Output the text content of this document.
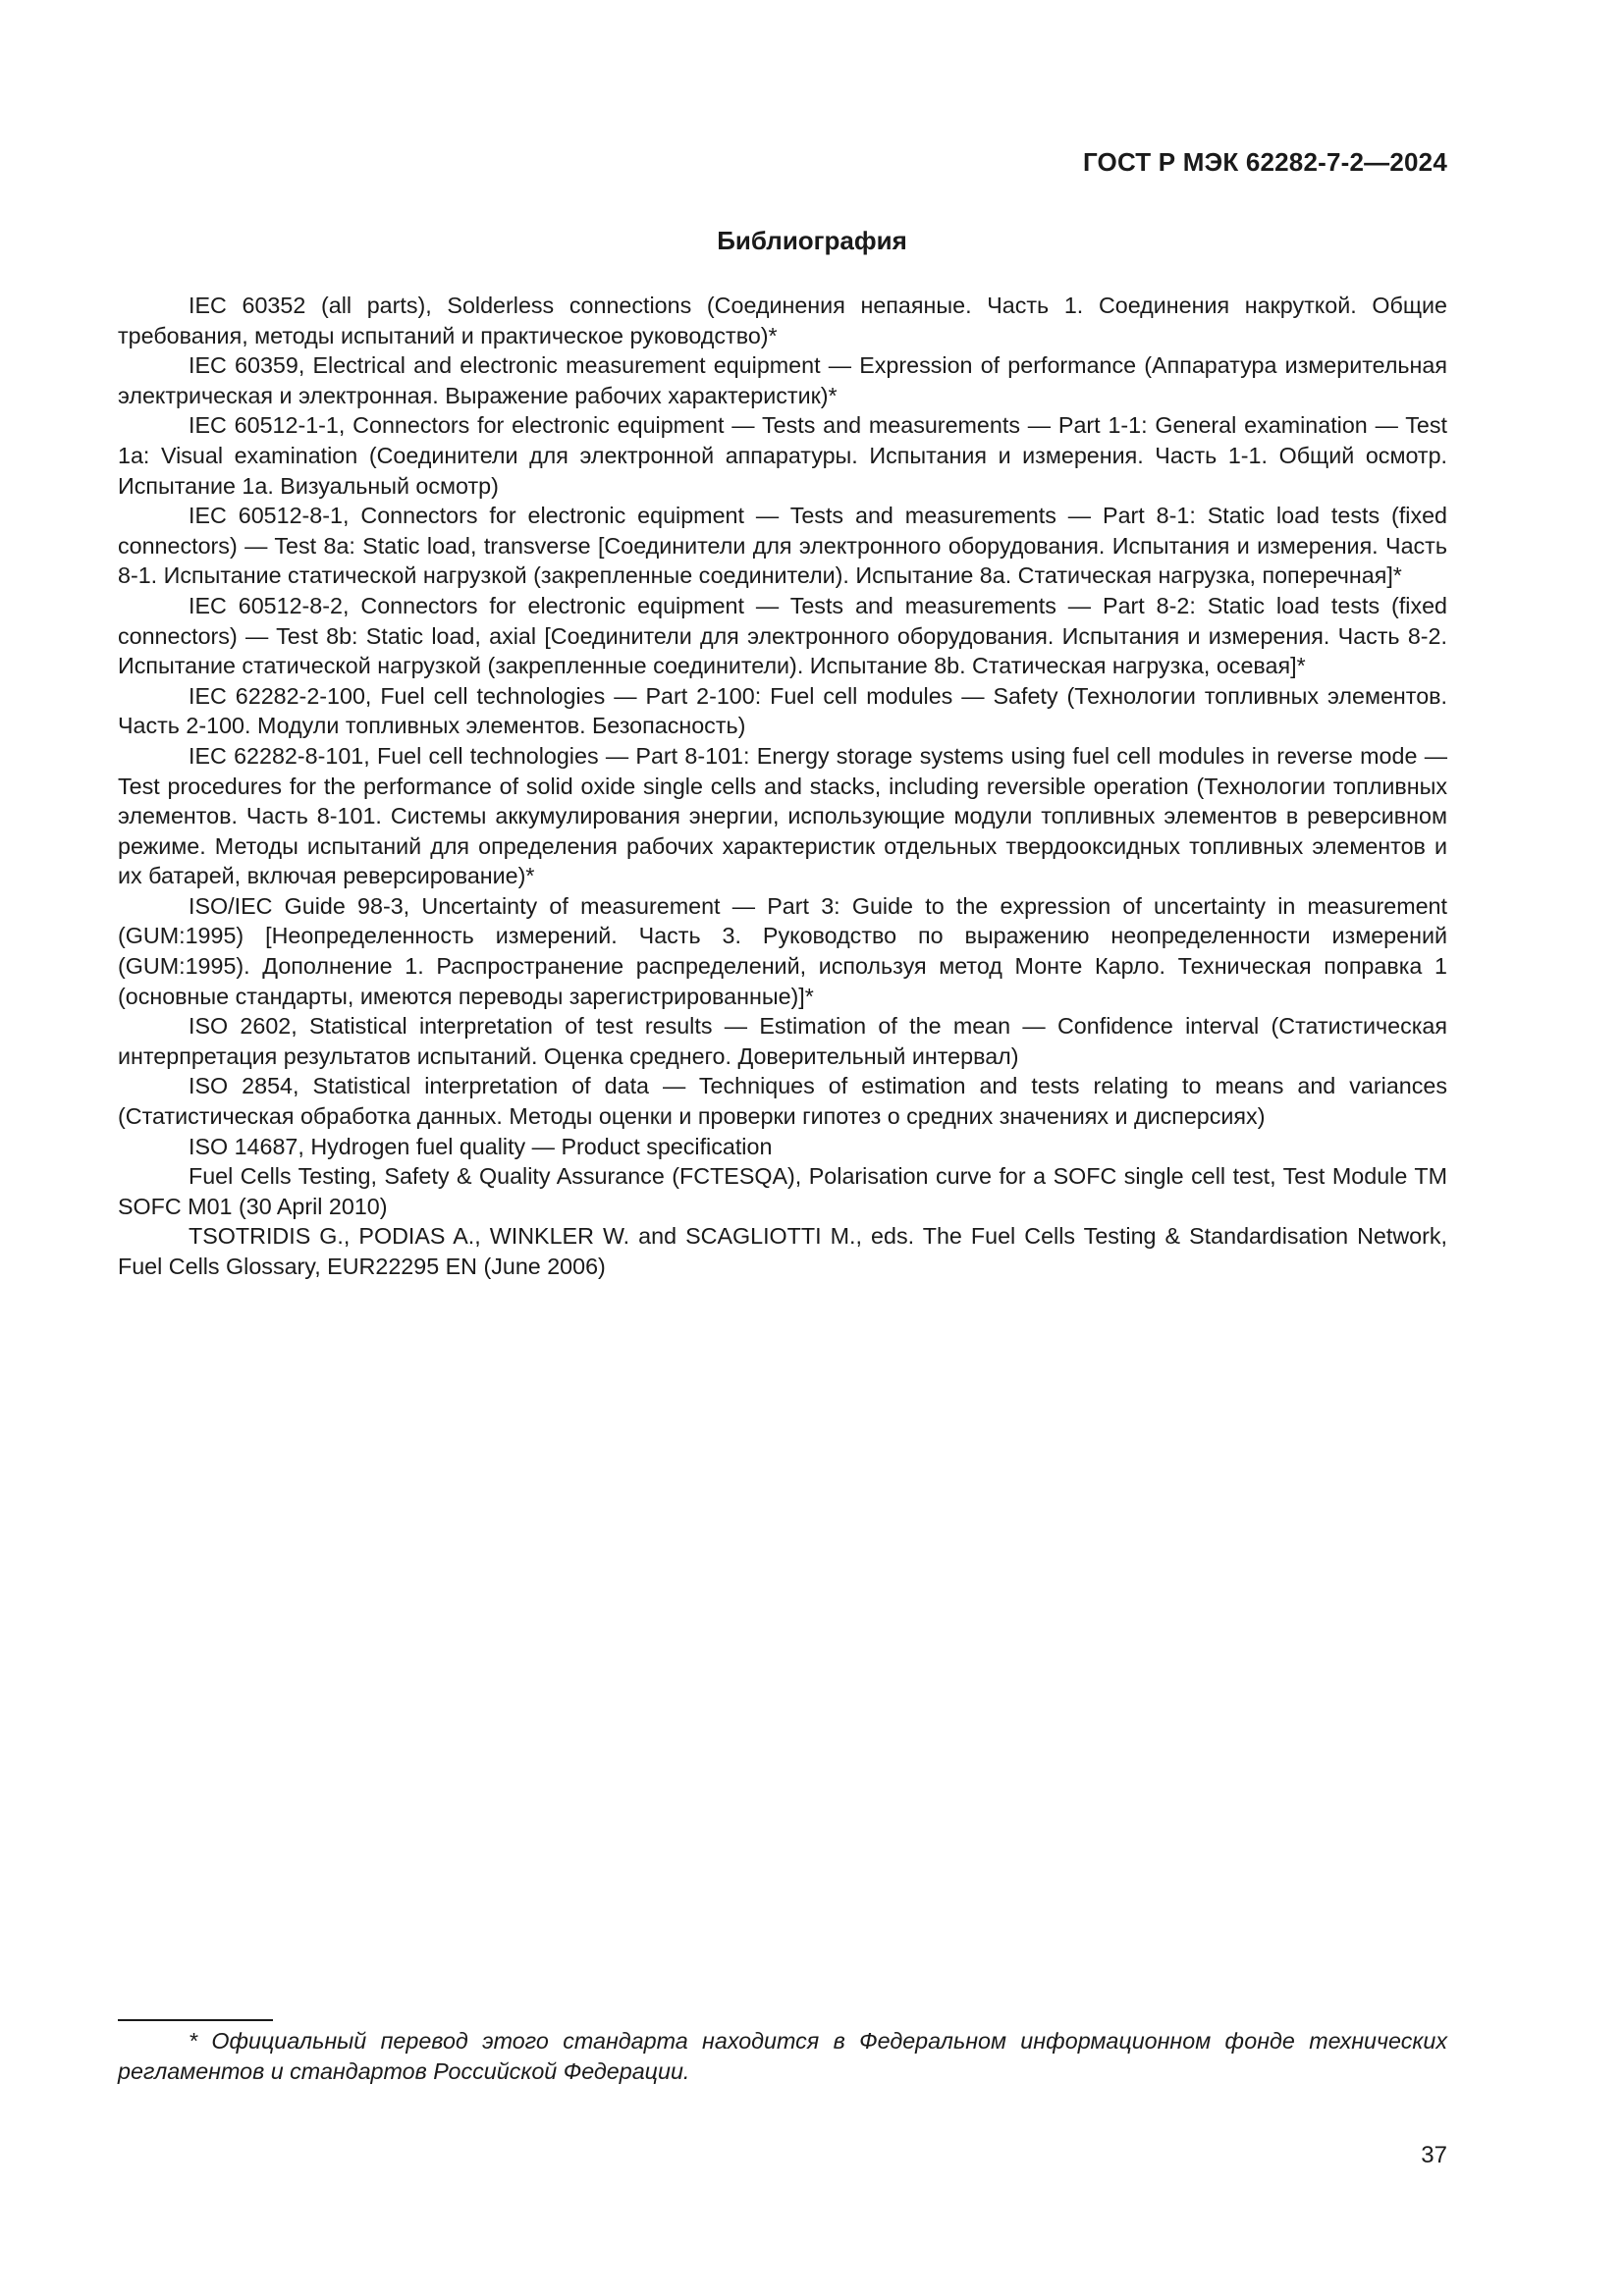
ГОСТ Р МЭК 62282-7-2—2024
Библиография

IEC 60352 (all parts), Solderless connections (Соединения непаяные. Часть 1. Соединения накруткой. Общие требования, методы испытаний и практическое руководство)*

IEC 60359, Electrical and electronic measurement equipment — Expression of performance (Аппаратура измерительная электрическая и электронная. Выражение рабочих характеристик)*

IEC 60512-1-1, Connectors for electronic equipment — Tests and measurements — Part 1-1: General examination — Test 1a: Visual examination (Соединители для электронной аппаратуры. Испытания и измерения. Часть 1-1. Общий осмотр. Испытание 1a. Визуальный осмотр)

IEC 60512-8-1, Connectors for electronic equipment — Tests and measurements — Part 8-1: Static load tests (fixed connectors) — Test 8a: Static load, transverse [Соединители для электронного оборудования. Испытания и измерения. Часть 8-1. Испытание статической нагрузкой (закрепленные соединители). Испытание 8a. Статическая нагрузка, поперечная]*

IEC 60512-8-2, Connectors for electronic equipment — Tests and measurements — Part 8-2: Static load tests (fixed connectors) — Test 8b: Static load, axial [Соединители для электронного оборудования. Испытания и измерения. Часть 8-2. Испытание статической нагрузкой (закрепленные соединители). Испытание 8b. Статическая нагрузка, осевая]*

IEC 62282-2-100, Fuel cell technologies — Part 2-100: Fuel cell modules — Safety (Технологии топливных элементов. Часть 2-100. Модули топливных элементов. Безопасность)

IEC 62282-8-101, Fuel cell technologies — Part 8-101: Energy storage systems using fuel cell modules in reverse mode — Test procedures for the performance of solid oxide single cells and stacks, including reversible operation (Технологии топливных элементов. Часть 8-101. Системы аккумулирования энергии, использующие модули топливных элементов в реверсивном режиме. Методы испытаний для определения рабочих характеристик отдельных твердооксидных топливных элементов и их батарей, включая реверсирование)*

ISO/IEC Guide 98-3, Uncertainty of measurement — Part 3: Guide to the expression of uncertainty in measurement (GUM:1995) [Неопределенность измерений. Часть 3. Руководство по выражению неопределенности измерений (GUM:1995). Дополнение 1. Распространение распределений, используя метод Монте Карло. Техническая поправка 1 (основные стандарты, имеются переводы зарегистрированные)]*

ISO 2602, Statistical interpretation of test results — Estimation of the mean — Confidence interval (Статистическая интерпретация результатов испытаний. Оценка среднего. Доверительный интервал)

ISO 2854, Statistical interpretation of data — Techniques of estimation and tests relating to means and variances (Статистическая обработка данных. Методы оценки и проверки гипотез о средних значениях и дисперсиях)

ISO 14687, Hydrogen fuel quality — Product specification

Fuel Cells Testing, Safety & Quality Assurance (FCTESQA), Polarisation curve for a SOFC single cell test, Test Module TM SOFC M01 (30 April 2010)

TSOTRIDIS G., PODIAS A., WINKLER W. and SCAGLIOTTI M., eds. The Fuel Cells Testing & Standardisation Network, Fuel Cells Glossary, EUR22295 EN (June 2006)

* Официальный перевод этого стандарта находится в Федеральном информационном фонде технических регламентов и стандартов Российской Федерации.

37
